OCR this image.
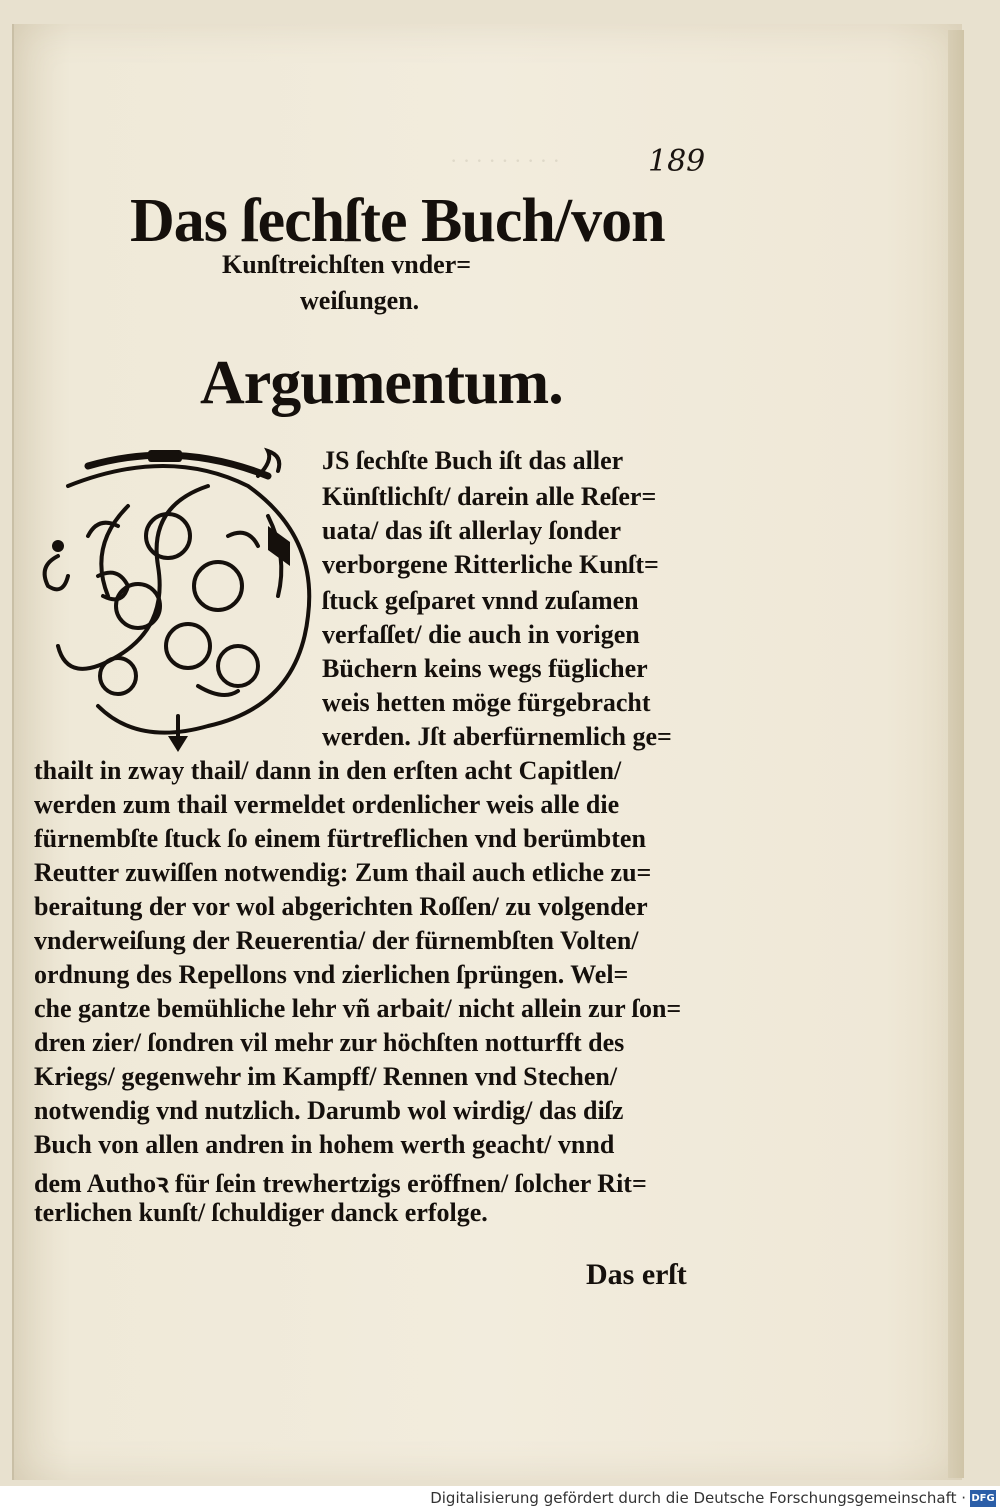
· · · · · · · · ·	189
Das ſechſte Buch/von
Kunſtreichſten vnder=
weiſungen.
Argumentum.
JS ſechſte Buch iſt das aller
Künſtlichſt/ darein alle Reſer=
uata/ das iſt allerlay ſonder
verborgene Ritterliche Kunſt=
ſtuck geſparet vnnd zuſamen
verfaſſet/ die auch in vorigen
Büchern keins wegs füglicher
weis hetten möge fürgebracht
werden. Jſt aberfürnemlich ge=
thailt in zway thail/ dann in den erſten acht Capitlen/
werden zum thail vermeldet ordenlicher weis alle die
fürnembſte ſtuck ſo einem fürtreflichen vnd berümbten
Reutter zuwiſſen notwendig: Zum thail auch etliche zu=
beraitung der vor wol abgerichten Roſſen/ zu volgender
vnderweiſung der Reuerentia/ der fürnembſten Volten/
ordnung des Repellons vnd zierlichen ſprüngen. Wel=
che gantze bemühliche lehr vñ arbait/ nicht allein zur ſon=
dren zier/ ſondren vil mehr zur höchſten notturfft des
Kriegs/ gegenwehr im Kampff/ Rennen vnd Stechen/
notwendig vnd nutzlich. Darumb wol wirdig/ das diſz
Buch von allen andren in hohem werth geacht/ vnnd
dem Authoꝛ für ſein trewhertzigs eröffnen/ ſolcher Rit=
terlichen kunſt/ ſchuldiger danck erfolge.
Das erſt
Digitalisierung gefördert durch die Deutsche Forschungsgemeinschaft · DFG
